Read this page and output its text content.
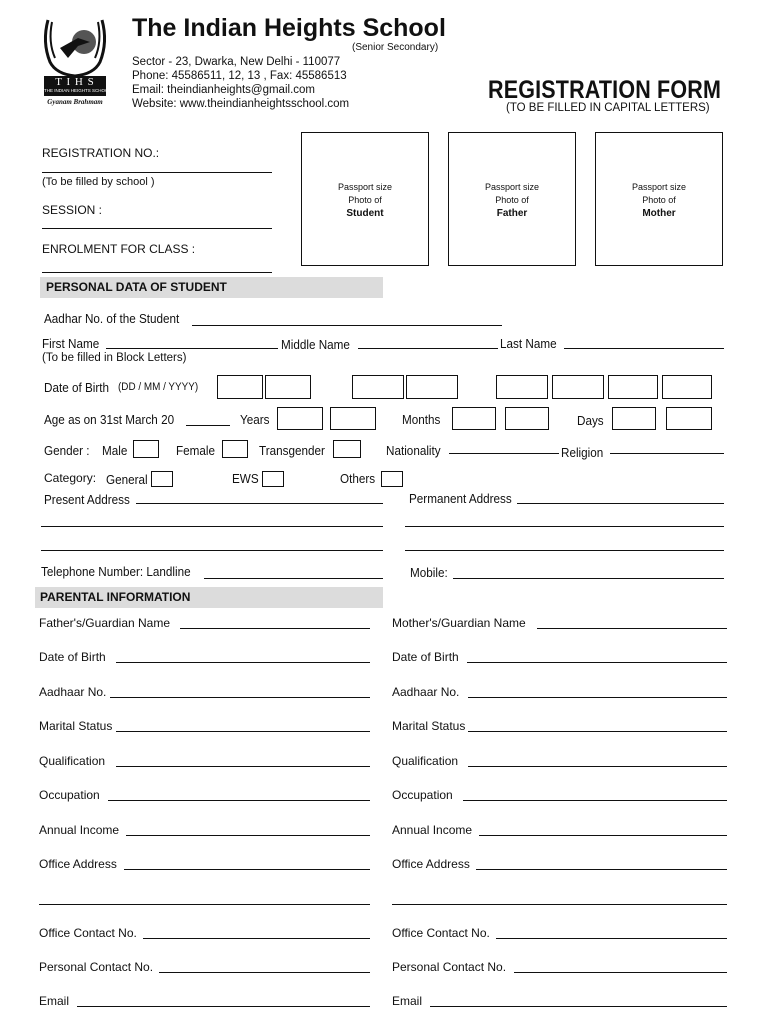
T I H S
THE INDIAN HEIGHTS SCHOOL
Gyanam Brahmam
The Indian Heights School
(Senior Secondary)
Sector - 23, Dwarka, New Delhi - 110077
Phone: 45586511, 12, 13 , Fax: 45586513
Email: theindianheights@gmail.com
Website: www.theindianheightsschool.com	REGISTRATION FORM
(TO BE FILLED IN CAPITAL LETTERS)
REGISTRATION NO.:
(To be filled by school )
SESSION :
ENROLMENT FOR CLASS :
Passport size
Photo of
Student
Passport size
Photo of
Father
Passport size
Photo of
Mother
PERSONAL DATA OF STUDENT
Aadhar No. of the Student
First Name	Middle Name	Last Name
(To be filled in Block Letters)
Date of Birth (DD / MM / YYYY)
Age as on 31st March 20	Years	Months	Days
Gender : Male	Female	Transgender	Nationality	Religion
Category: General	EWS	Others
Present Address	Permanent Address
Telephone Number: Landline	Mobile:
PARENTAL INFORMATION
Father's/Guardian Name	Mother's/Guardian Name
Date of Birth	Date of Birth
Aadhaar No.	Aadhaar No.
Marital Status	Marital Status
Qualification	Qualification
Occupation	Occupation
Annual Income	Annual Income
Office Address	Office Address
Office Contact No.	Office Contact No.
Personal Contact No.	Personal Contact No.
Email	Email
